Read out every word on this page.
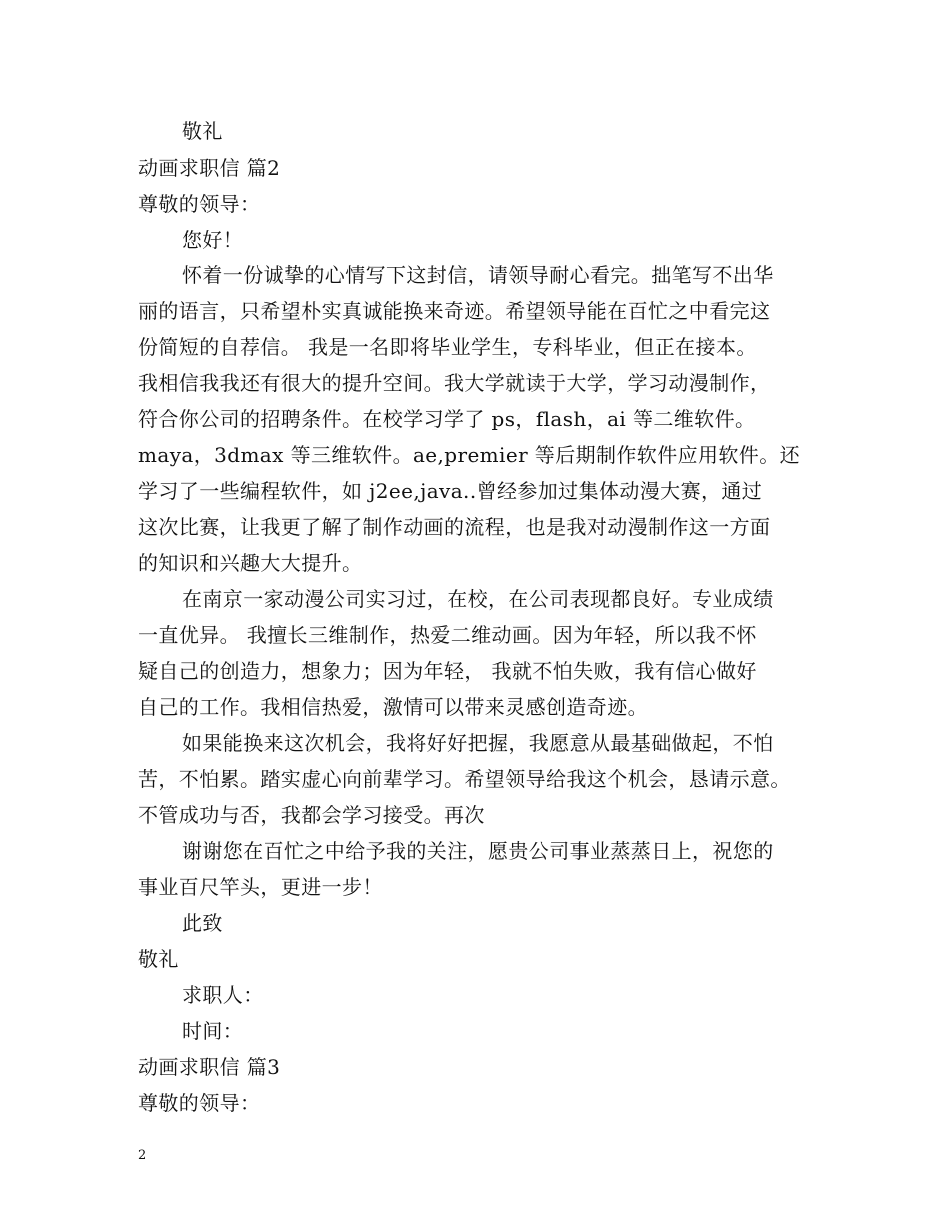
敬礼
动画求职信 篇2
尊敬的领导：
您好！
怀着一份诚挚的心情写下这封信，请领导耐心看完。拙笔写不出华
丽的语言，只希望朴实真诚能换来奇迹。希望领导能在百忙之中看完这
份简短的自荐信。 我是一名即将毕业学生，专科毕业，但正在接本。
我相信我我还有很大的提升空间。我大学就读于大学，学习动漫制作，
符合你公司的招聘条件。在校学习学了 ps，flash，ai 等二维软件。
maya，3dmax 等三维软件。ae,premier 等后期制作软件应用软件。还
学习了一些编程软件，如 j2ee,java..曾经参加过集体动漫大赛，通过
这次比赛，让我更了解了制作动画的流程，也是我对动漫制作这一方面
的知识和兴趣大大提升。
在南京一家动漫公司实习过，在校，在公司表现都良好。专业成绩
一直优异。 我擅长三维制作，热爱二维动画。因为年轻，所以我不怀
疑自己的创造力，想象力；因为年轻， 我就不怕失败，我有信心做好
自己的工作。我相信热爱，激情可以带来灵感创造奇迹。
如果能换来这次机会，我将好好把握，我愿意从最基础做起，不怕
苦，不怕累。踏实虚心向前辈学习。希望领导给我这个机会，恳请示意。
不管成功与否，我都会学习接受。再次
谢谢您在百忙之中给予我的关注，愿贵公司事业蒸蒸日上，祝您的
事业百尺竿头，更进一步！
此致
敬礼
求职人：
时间：
动画求职信 篇3
尊敬的领导：
2
